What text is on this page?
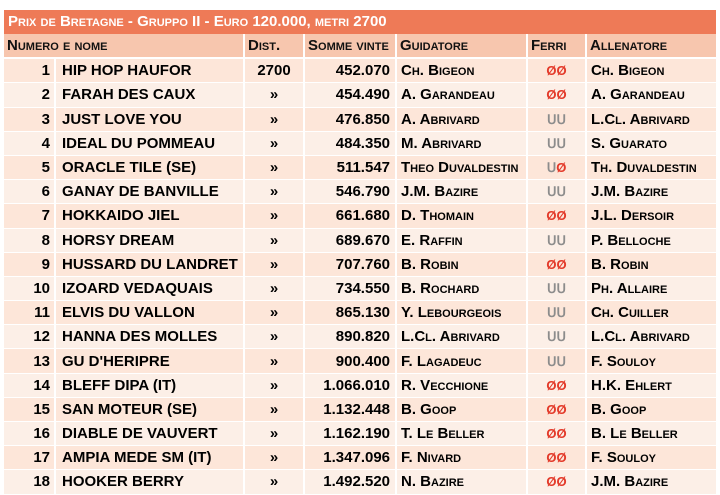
Prix de Bretagne - Gruppo II - Euro 120.000, metri 2700
Numero e nome		Dist.	Somme vinte	Guidatore	Ferri	Allenatore
1	HIP HOP HAUFOR	2700	452.070	Ch. Bigeon	ØØ	Ch. Bigeon
2	FARAH DES CAUX	»	454.490	A. Garandeau	ØØ	A. Garandeau
3	JUST LOVE YOU	»	476.850	A. Abrivard	ՍՍ	L.Cl. Abrivard
4	IDEAL DU POMMEAU	»	484.350	M. Abrivard	ՍՍ	S. Guarato
5	ORACLE TILE (SE)	»	511.547	Theo Duvaldestin	ՍØ	Th. Duvaldestin
6	GANAY DE BANVILLE	»	546.790	J.M. Bazire	ՍՍ	J.M. Bazire
7	HOKKAIDO JIEL	»	661.680	D. Thomain	ØØ	J.L. Dersoir
8	HORSY DREAM	»	689.670	E. Raffin	ՍՍ	P. Belloche
9	HUSSARD DU LANDRET	»	707.760	B. Robin	ØØ	B. Robin
10	IZOARD VEDAQUAIS	»	734.550	B. Rochard	ՍՍ	Ph. Allaire
11	ELVIS DU VALLON	»	865.130	Y. Lebourgeois	ՍՍ	Ch. Cuiller
12	HANNA DES MOLLES	»	890.820	L.Cl. Abrivard	ՍՍ	L.Cl. Abrivard
13	GU D'HERIPRE	»	900.400	F. Lagadeuc	ՍՍ	F. Souloy
14	BLEFF DIPA (IT)	»	1.066.010	R. Vecchione	ØØ	H.K. Ehlert
15	SAN MOTEUR (SE)	»	1.132.448	B. Goop	ØØ	B. Goop
16	DIABLE DE VAUVERT	»	1.162.190	T. Le Beller	ØØ	B. Le Beller
17	AMPIA MEDE SM (IT)	»	1.347.096	F. Nivard	ØØ	F. Souloy
18	HOOKER BERRY	»	1.492.520	N. Bazire	ØØ	J.M. Bazire
